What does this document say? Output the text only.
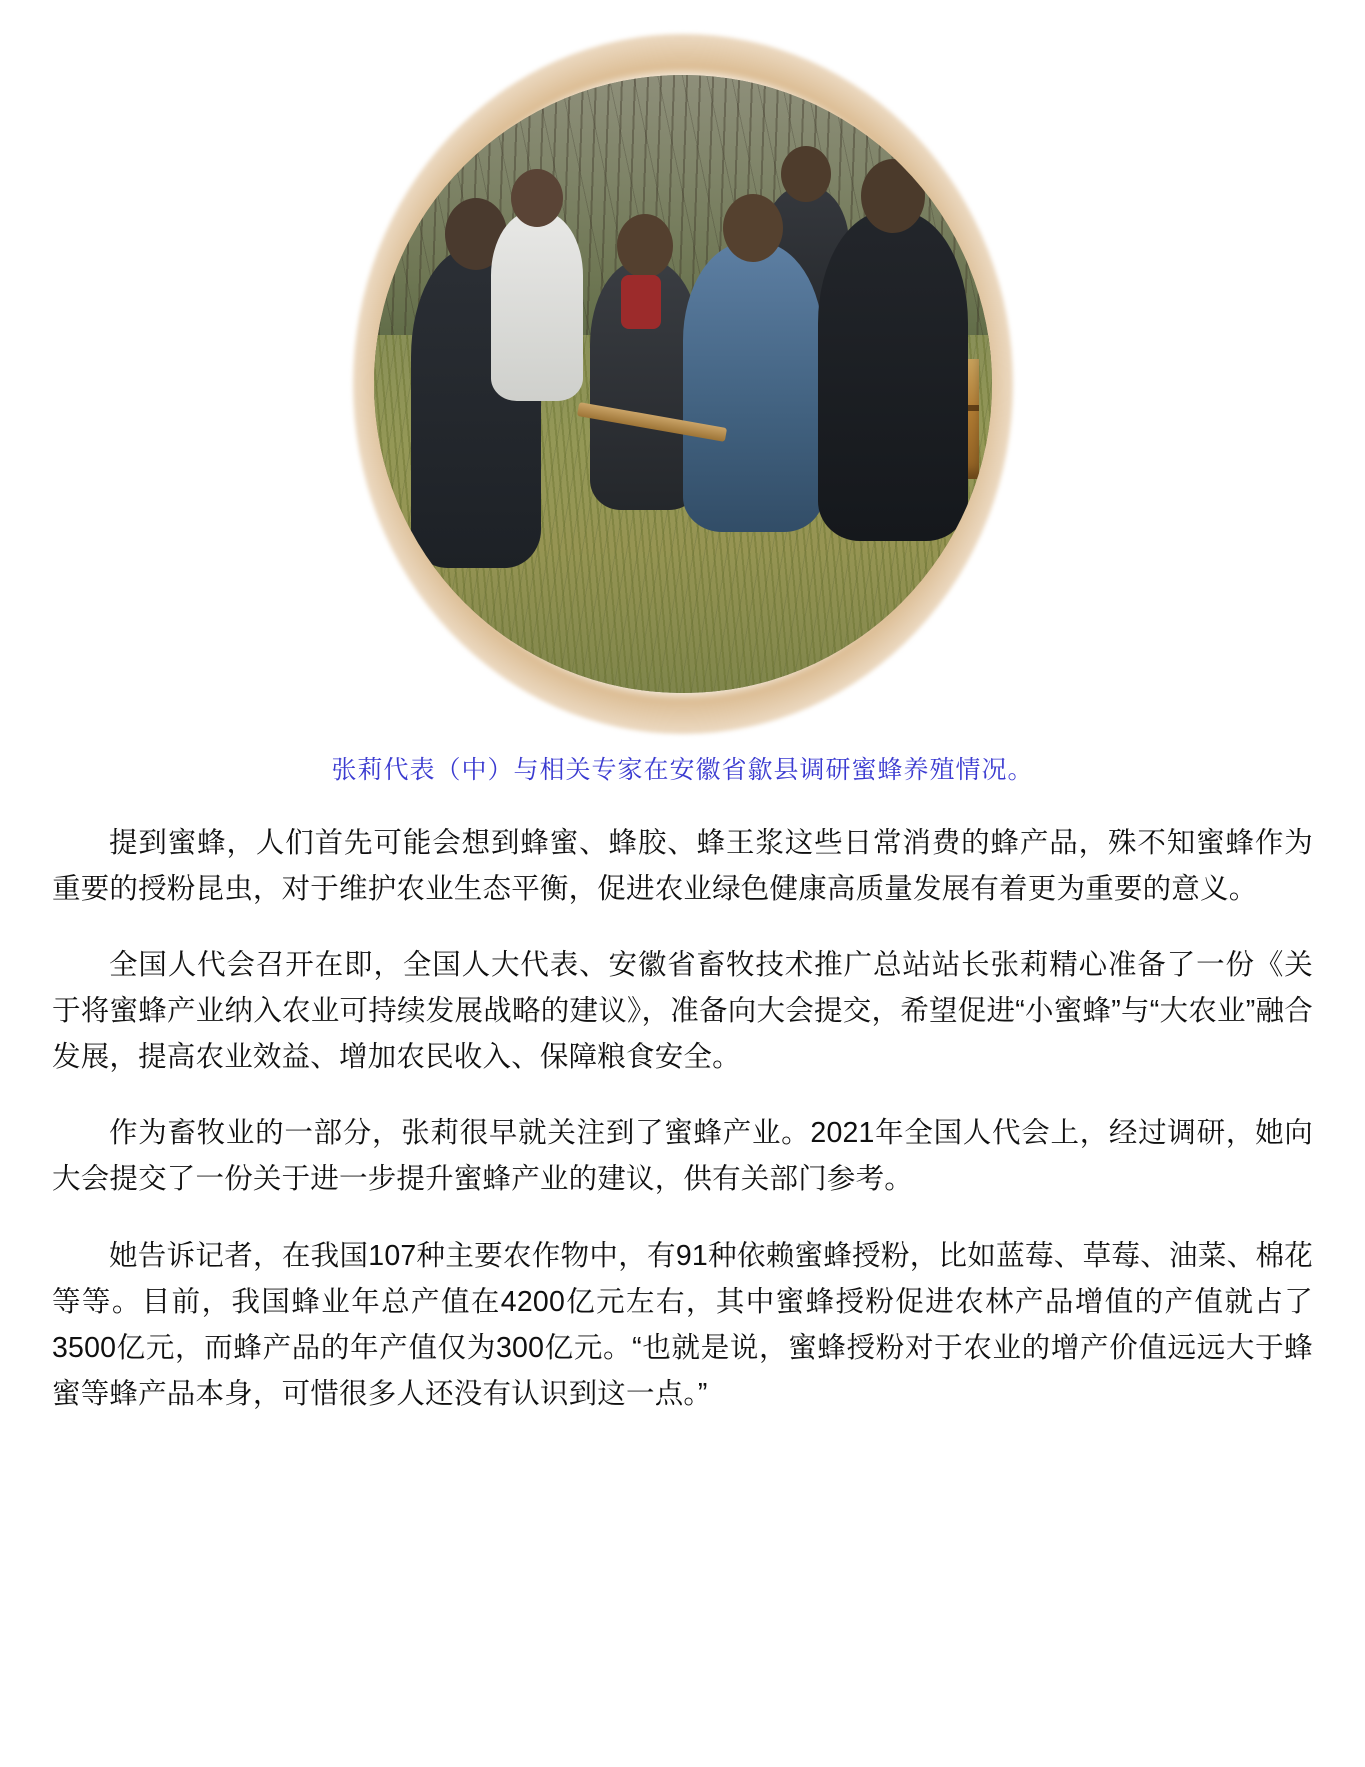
张莉代表（中）与相关专家在安徽省歙县调研蜜蜂养殖情况。

提到蜜蜂，人们首先可能会想到蜂蜜、蜂胶、蜂王浆这些日常消费的蜂产品，殊不知蜜蜂作为重要的授粉昆虫，对于维护农业生态平衡，促进农业绿色健康高质量发展有着更为重要的意义。

全国人代会召开在即，全国人大代表、安徽省畜牧技术推广总站站长张莉精心准备了一份《关于将蜜蜂产业纳入农业可持续发展战略的建议》，准备向大会提交，希望促进“小蜜蜂”与“大农业”融合发展，提高农业效益、增加农民收入、保障粮食安全。

作为畜牧业的一部分，张莉很早就关注到了蜜蜂产业。2021年全国人代会上，经过调研，她向大会提交了一份关于进一步提升蜜蜂产业的建议，供有关部门参考。

她告诉记者，在我国107种主要农作物中，有91种依赖蜜蜂授粉，比如蓝莓、草莓、油菜、棉花等等。目前，我国蜂业年总产值在4200亿元左右，其中蜜蜂授粉促进农林产品增值的产值就占了3500亿元，而蜂产品的年产值仅为300亿元。“也就是说，蜜蜂授粉对于农业的增产价值远远大于蜂蜜等蜂产品本身，可惜很多人还没有认识到这一点。”
